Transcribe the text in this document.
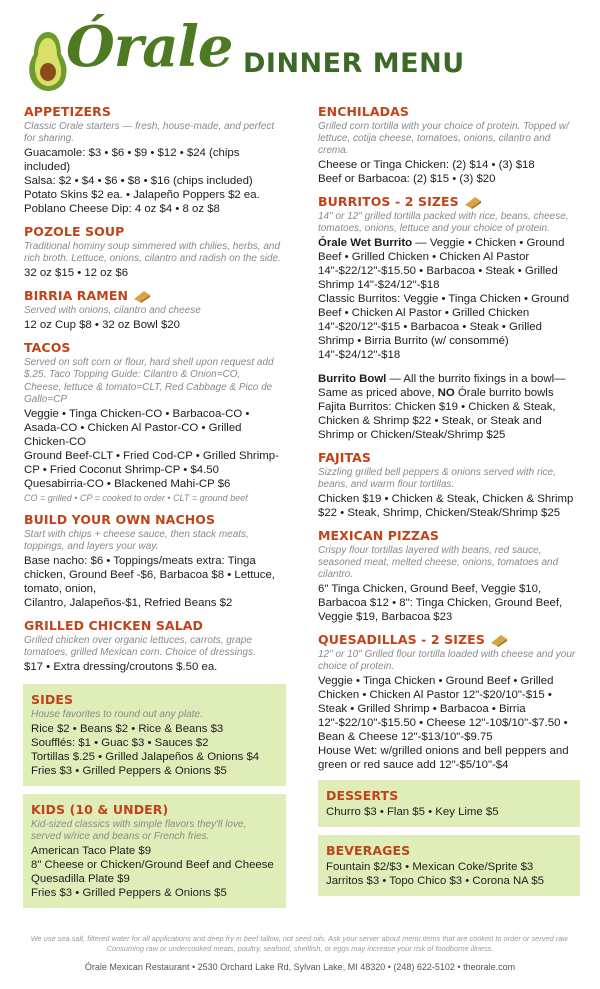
Órale DINNER MENU
APPETIZERS

Classic Orale starters — fresh, house-made, and perfect for sharing.

Guacamole: $3 • $6 • $9 • $12 • $24 (chips included)

Salsa: $2 • $4 • $6 • $8 • $16 (chips included)

Potato Skins $2 ea. • Jalapeño Poppers $2 ea.

Poblano Cheese Dip: 4 oz $4 • 8 oz $8

POZOLE SOUP

Traditional hominy soup simmered with chilies, herbs, and rich broth. Lettuce, onions, cilantro and radish on the side.

32 oz $15 • 12 oz $6

BIRRIA RAMEN

Served with onions, cilantro and cheese

12 oz Cup $8 • 32 oz Bowl $20

TACOS

Served on soft corn or flour, hard shell upon request add $.25. Taco Topping Guide: Cilantro & Onion=CO,

Cheese, lettuce & tomato=CLT, Red Cabbage & Pico de Gallo=CP

Veggie • Tinga Chicken-CO • Barbacoa-CO • Asada-CO • Chicken Al Pastor-CO • Grilled Chicken-CO

Ground Beef-CLT • Fried Cod-CP • Grilled Shrimp-CP • Fried Coconut Shrimp-CP • $4.50

Quesabirria-CO • Blackened Mahi-CP $6

CO = grilled • CP = cooked to order • CLT = ground beef

BUILD YOUR OWN NACHOS

Start with chips + cheese sauce, then stack meats, toppings, and layers your way.

Base nacho: $6 • Toppings/meats extra: Tinga chicken, Ground Beef -$6, Barbacoa $8 • Lettuce, tomato, onion,

Cilantro, Jalapeños-$1, Refried Beans $2

GRILLED CHICKEN SALAD

Grilled chicken over organic lettuces, carrots, grape tomatoes, grilled Mexican corn. Choice of dressings.

$17 • Extra dressing/croutons $.50 ea.

SIDES

House favorites to round out any plate.

Rice $2 • Beans $2 • Rice & Beans $3

Soufflés: $1 • Guac $3 • Sauces $2

Tortillas $.25 • Grilled Jalapeños & Onions $4

Fries $3 • Grilled Peppers & Onions $5

KIDS (10 & UNDER)

Kid-sized classics with simple flavors they'll love, served w/rice and beans or French fries.

American Taco Plate $9

8" Cheese or Chicken/Ground Beef and Cheese Quesadilla Plate $9

Fries $3 • Grilled Peppers & Onions $5

ENCHILADAS

Grilled corn tortilla with your choice of protein. Topped w/ lettuce, cotija cheese, tomatoes, onions, cilantro and crema.

Cheese or Tinga Chicken: (2) $14 • (3) $18

Beef or Barbacoa: (2) $15 • (3) $20

BURRITOS - 2 SIZES

14" or 12" grilled tortilla packed with rice, beans, cheese, tomatoes, onions, lettuce and your choice of protein.

Órale Wet Burrito — Veggie • Chicken • Ground Beef • Grilled Chicken • Chicken Al Pastor 14"-$22/12"-$15.50 • Barbacoa • Steak • Grilled Shrimp 14"-$24/12"-$18

Classic Burritos: Veggie • Tinga Chicken • Ground Beef • Chicken Al Pastor • Grilled Chicken 14"-$20/12"-$15 • Barbacoa • Steak • Grilled Shrimp • Birria Burrito (w/ consommé) 14"-$24/12"-$18

Burrito Bowl — All the burrito fixings in a bowl— Same as priced above, NO Órale burrito bowls

Fajita Burritos: Chicken $19 • Chicken & Steak, Chicken & Shrimp $22 • Steak, or Steak and Shrimp or Chicken/Steak/Shrimp $25

FAJITAS

Sizzling grilled bell peppers & onions served with rice, beans, and warm flour tortillas.

Chicken $19 • Chicken & Steak, Chicken & Shrimp $22 • Steak, Shrimp, Chicken/Steak/Shrimp $25

MEXICAN PIZZAS

Crispy flour tortillas layered with beans, red sauce, seasoned meat, melted cheese, onions, tomatoes and cilantro.

6" Tinga Chicken, Ground Beef, Veggie $10, Barbacoa $12 • 8": Tinga Chicken, Ground Beef, Veggie $19, Barbacoa $23

QUESADILLAS - 2 SIZES

12" or 10" Grilled flour tortilla loaded with cheese and your choice of protein.

Veggie • Tinga Chicken • Ground Beef • Grilled Chicken • Chicken Al Pastor 12"-$20/10"-$15 • Steak • Grilled Shrimp • Barbacoa • Birria 12"-$22/10"-$15.50 • Cheese 12"-10$/10"-$7.50 • Bean & Cheese 12"-$13/10"-$9.75

House Wet: w/grilled onions and bell peppers and green or red sauce add 12"-$5/10"-$4

DESSERTS

Churro $3 • Flan $5 • Key Lime $5

BEVERAGES

Fountain $2/$3 • Mexican Coke/Sprite $3

Jarritos $3 • Topo Chico $3 • Corona NA $5

We use sea salt, filtered water for all applications and deep fry in beef tallow, not seed oils. Ask your server about menu items that are cooked to order or served raw. Consuming raw or undercooked meats, poultry, seafood, shellfish, or eggs may increase your risk of foodborne illness.
Órale Mexican Restaurant • 2530 Orchard Lake Rd, Sylvan Lake, MI 48320 • (248) 622-5102 • theorale.com
